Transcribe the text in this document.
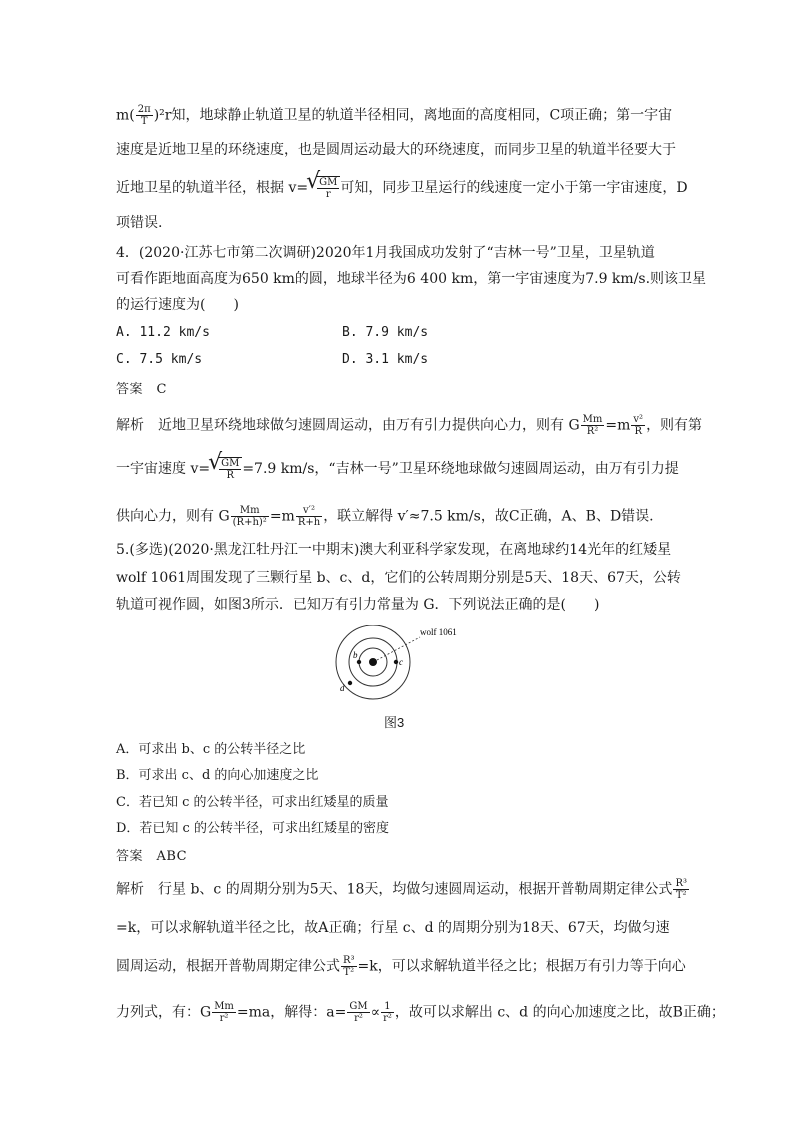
$m( \frac{2\pi}{T} )^2r$知，地球静止轨道卫星的轨道半径相同，离地面的高度相同，C项正确；第一宇宙
速度是近地卫星的环绕速度，也是圆周运动最大的环绕速度，而同步卫星的轨道半径要大于
近地卫星的轨道半径，根据 v= √ $\frac{GM}{r}$ 可知，同步卫星运行的线速度一定小于第一宇宙速度，D
项错误.
4．(2020·江苏七市第二次调研)2020年1月我国成功发射了“吉林一号”卫星，卫星轨道
可看作距地面高度为650 km的圆，地球半径为6 400 km，第一宇宙速度为7.9 km/s.则该卫星
的运行速度为(　　)
A. 11.2 km/s	B. 7.9 km/s
C. 7.5 km/s	D. 3.1 km/s
答案　C
解析　近地卫星环绕地球做匀速圆周运动，由万有引力提供向心力，则有 G $\frac{Mm}{\text{R²}} =m \frac{\text{v²}}{R}$ ，则有第
一宇宙速度 v= √ $\frac{GM}{R} =7.9$ km/s，“吉林一号”卫星环绕地球做匀速圆周运动，由万有引力提
供向心力，则有 G $\frac{Mm}{\text{(R+h)²}} =m \frac{\text{v′²}}{R+h}$ ，联立解得 v′≈7.5 km/s，故C正确，A、B、D错误.
5.(多选)(2020·黑龙江牡丹江一中期末)澳大利亚科学家发现，在离地球约14光年的红矮星
wolf 1061周围发现了三颗行星 b、c、d，它们的公转周期分别是5天、18天、67天，公转
轨道可视作圆，如图3所示．已知万有引力常量为 G．下列说法正确的是(　　)
wolf 1061
b
c
d
图3
A．可求出 b、c 的公转半径之比
B．可求出 c、d 的向心加速度之比
C．若已知 c 的公转半径，可求出红矮星的质量
D．若已知 c 的公转半径，可求出红矮星的密度
答案　ABC
解析　行星 b、c 的周期分别为5天、18天，均做匀速圆周运动，根据开普勒周期定律公式 $\frac{\text{R³}}{\text{T²}}$
=k，可以求解轨道半径之比，故A正确；行星 c、d 的周期分别为18天、67天，均做匀速
圆周运动，根据开普勒周期定律公式 $\frac{\text{R³}}{\text{T²}} =k$，可以求解轨道半径之比；根据万有引力等于向心
力列式，有：G $\frac{Mm}{\text{r²}} =ma$，解得：$a= \frac{GM}{\text{r²}} \propto \frac{1}{\text{r²}}$ ，故可以求解出 c、d 的向心加速度之比，故B正确；
